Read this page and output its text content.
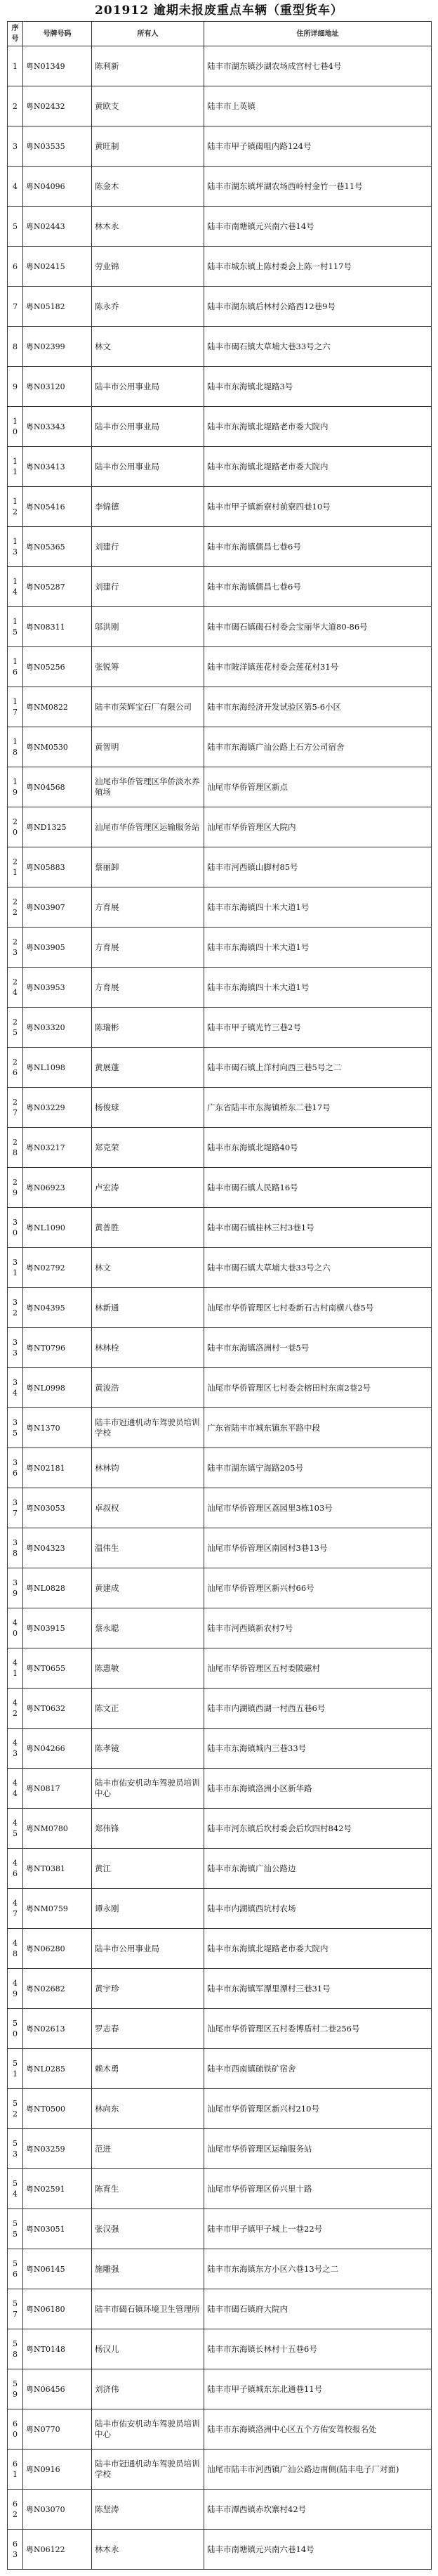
201912 逾期未报废重点车辆（重型货车）
序号	号牌号码	所有人	住所详细地址
1	粤N01349	陈利新	陆丰市湖东镇沙湖农场成宫村七巷4号
2	粤N02432	黄欧支	陆丰市上英镇
3	粤N03535	黄旺制	陆丰市甲子镇碣咀内路124号
4	粤N04096	陈金木	陆丰市湖东镇坪湖农场西岭村金竹一巷11号
5	粤N02443	林木永	陆丰市南塘镇元兴南六巷14号
6	粤N02415	劳业锦	陆丰市城东镇上陈村委会上陈一村117号
7	粤N05182	陈永乔	陆丰市湖东镇后林村公路西12巷9号
8	粤N02399	林文	陆丰市碣石镇大草埔大巷33号之六
9	粤N03120	陆丰市公用事业局	陆丰市东海镇北堤路3号
10	粤N03343	陆丰市公用事业局	陆丰市东海镇北堤路老市委大院内
11	粤N03413	陆丰市公用事业局	陆丰市东海镇北堤路老市委大院内
12	粤N05416	李锦德	陆丰市甲子镇新寮村前寮四巷10号
13	粤N05365	刘建行	陆丰市东海镇儒昌七巷6号
14	粤N05287	刘建行	陆丰市东海镇儒昌七巷6号
15	粤N08311	邬洪刚	陆丰市碣石镇碣石村委会宝丽华大道80-86号
16	粤N05256	张锐筹	陆丰市陂洋镇莲花村委会莲花村31号
17	粤NM0822	陆丰市荣辉宝石厂有限公司	陆丰市东海经济开发试验区第5-6小区
18	粤NM0530	黄智明	陆丰市东海镇广汕公路上石方公司宿舍
19	粤N04568	汕尾市华侨管理区华侨淡水养殖场	汕尾市华侨管理区新点
20	粤ND1325	汕尾市华侨管理区运输服务站	汕尾市华侨管理区大院内
21	粤N05883	蔡丽卸	陆丰市河西镇山脚村85号
22	粤N03907	方育展	陆丰市东海镇四十米大道1号
23	粤N03905	方育展	陆丰市东海镇四十米大道1号
24	粤N03953	方育展	陆丰市东海镇四十米大道1号
25	粤N03320	陈瑞彬	陆丰市甲子镇光竹三巷2号
26	粤NL1098	黄展蓬	陆丰市碣石镇上洋村向西三巷5号之二
27	粤N03229	杨俊球	广东省陆丰市东海镇桥东二巷17号
28	粤N03217	郑克荣	陆丰市东海镇北堤路40号
29	粤N06923	卢宏涛	陆丰市碣石镇人民路16号
30	粤NL1090	黄普胜	陆丰市碣石镇桂林三村3巷1号
31	粤N02792	林文	陆丰市碣石镇大草埔大巷33号之六
32	粤N04395	林新通	汕尾市华侨管理区七村委新石古村南横八巷5号
33	粤NT0796	林林栓	陆丰市东海镇洛洲村一巷5号
34	粤NL0998	黄浚浩	汕尾市华侨管理区七村委会榕田村东南2巷2号
35	粤N1370	陆丰市冠通机动车驾驶员培训学校	广东省陆丰市城东镇东平路中段
36	粤N02181	林林钧	陆丰市湖东镇宁海路205号
37	粤N03053	卓叔权	汕尾市华侨管理区荔园里3栋103号
38	粤N04323	温伟生	汕尾市华侨管理区南园村3巷13号
39	粤NL0828	黄建成	汕尾市华侨管理区新兴村66号
40	粤N03915	蔡永聪	陆丰市河西镇新农村7号
41	粤NT0655	陈惠敏	汕尾市华侨管理区五村委陂磁村
42	粤NT0632	陈文正	陆丰市内湖镇西湖一村西五巷6号
43	粤N04266	陈孝镜	陆丰市东海镇城内三巷33号
44	粤N0817	陆丰市佑安机动车驾驶员培训中心	陆丰市东海镇洛洲小区新华路
45	粤NM0780	郑伟锋	陆丰市河东镇后坎村委会后坎四村842号
46	粤NT0381	黄江	陆丰市东海镇广汕公路边
47	粤NM0759	谭永刚	陆丰市内湖镇西坑村农场
48	粤N06280	陆丰市公用事业局	陆丰市东海镇北堤路老市委大院内
49	粤N02682	黄宇珍	陆丰市东海镇军潭里潭村三巷31号
50	粤N02613	罗志春	汕尾市华侨管理区五村委博盾村二巷256号
51	粤NL0285	赖木勇	陆丰市西南镇硫铁矿宿舍
52	粤NT0500	林向东	汕尾市华侨管理区新兴村210号
53	粤N03259	范进	汕尾市华侨管理区运输服务站
54	粤N02591	陈育生	汕尾市华侨管理区侨兴里十路
55	粤N03051	张汉强	陆丰市甲子镇甲子城上一巷22号
56	粤N06145	施雕强	陆丰市东海镇东方小区六巷13号之二
57	粤N06180	陆丰市碣石镇环境卫生管理所	陆丰市碣石镇府大院内
58	粤NT0148	杨汉儿	陆丰市东海镇长林村十五巷6号
59	粤N06456	刘济伟	陆丰市甲子镇城东东北通巷11号
60	粤N0770	陆丰市佑安机动车驾驶员培训中心	陆丰市东海镇洛洲中心区五个方佑安驾校报名处
61	粤N0916	陆丰市冠通机动车驾驶员培训学校	汕尾市陆丰市河西镇广汕公路边南侧(陆丰电子厂对面)
62	粤N03070	陈坚涛	陆丰市潭西镇赤坎寨村42号
63	粤N06122	林木永	陆丰市南塘镇元兴南六巷14号
